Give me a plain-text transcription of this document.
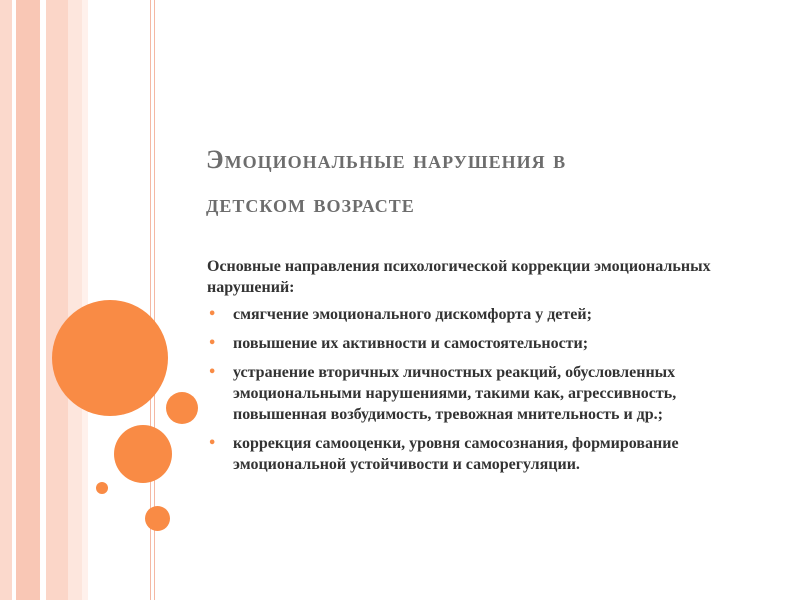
Эмоциональные нарушения в
детском возрасте

Основные направления психологической коррекции эмоциональных нарушений:

• смягчение эмоционального дискомфорта у детей;
• повышение их активности и самостоятельности;
• устранение вторичных личностных реакций, обусловленных эмоциональными нарушениями, такими как, агрессивность, повышенная возбудимость, тревожная мнительность и др.;
• коррекция самооценки, уровня самосознания, формирование эмоциональной устойчивости и саморегуляции.
